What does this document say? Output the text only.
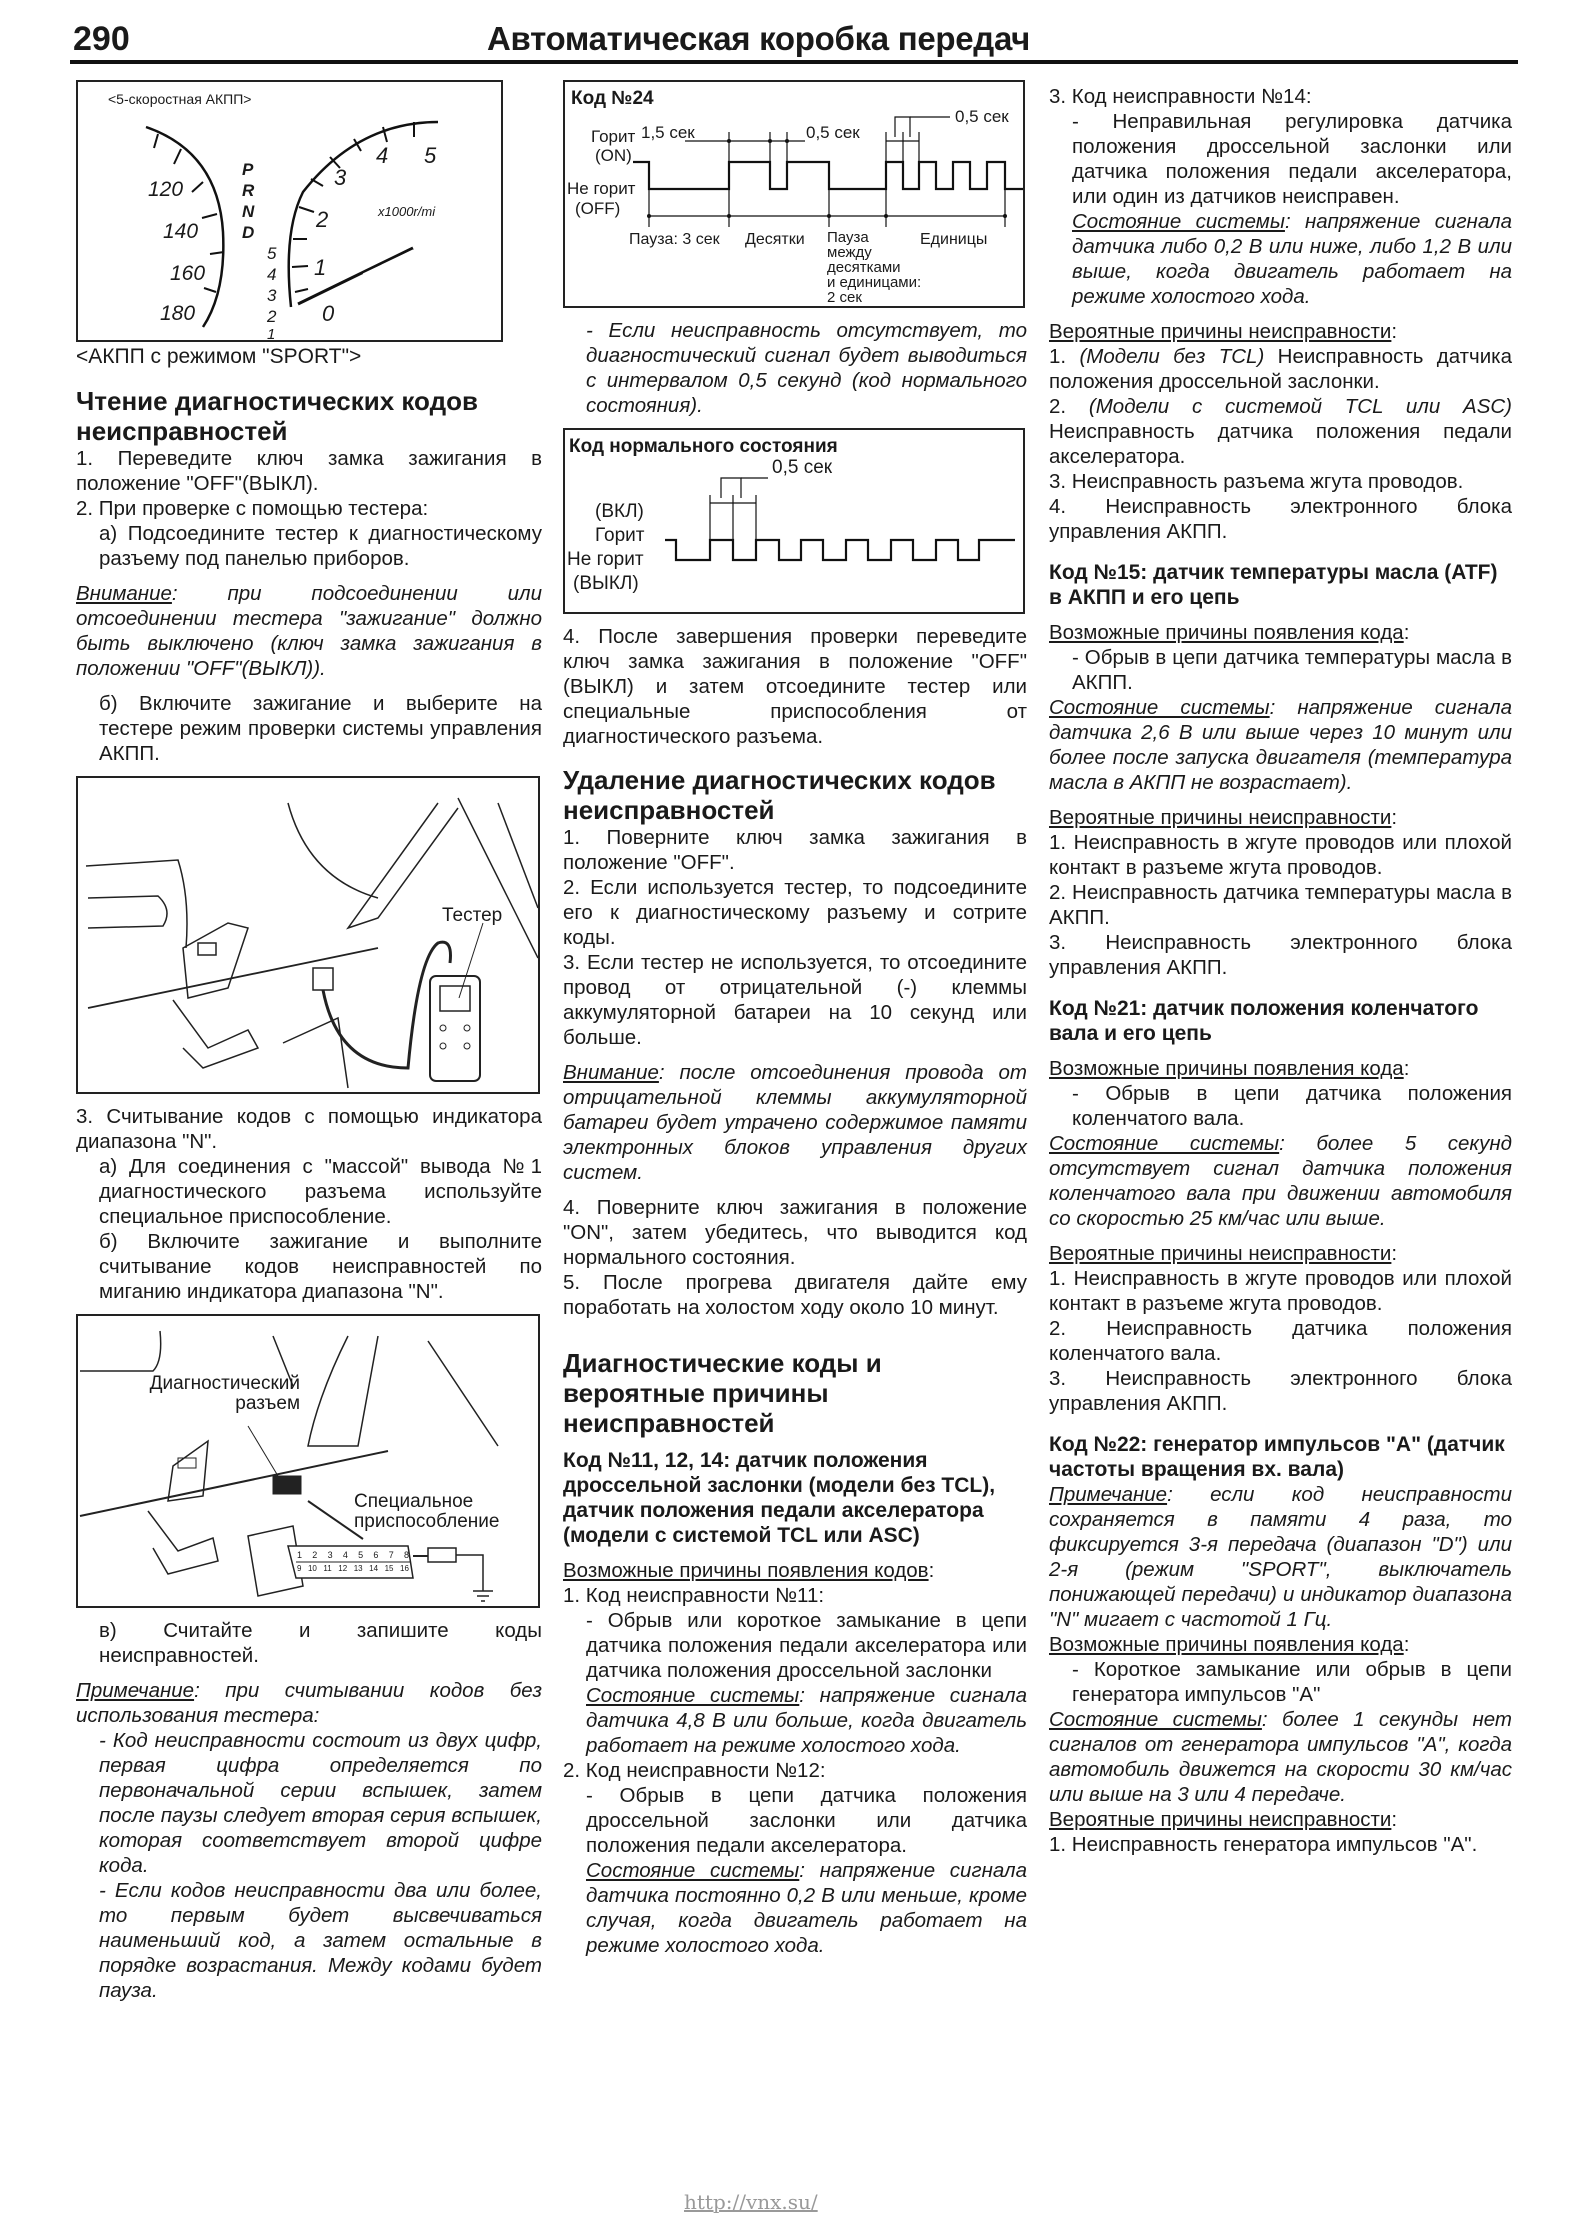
290	Автоматическая коробка передач
<5-скоростная АКПП>
120
140
160
180
P
R
N
D
5
4
3
2
1
0
1
2
3
4 5
x1000r/mi
<АКПП с режимом "SPORT">
Чтение диагностических кодов неисправностей

1. Переведите ключ замка зажигания в положение "OFF"(ВЫКЛ).

2. При проверке с помощью тестера:

а) Подсоедините тестер к диагностическому разъему под панелью приборов.

Внимание: при подсоединении или отсоединении тестера "зажигание" должно быть выключено (ключ замка зажигания в положении "OFF"(ВЫКЛ)).

б) Включите зажигание и выберите на тестере режим проверки системы управления АКПП.

Тестер

3. Считывание кодов с помощью индикатора диапазона "N".

а) Для соединения с "массой" вывода №1 диагностического разъема используйте специальное приспособление.

б) Включите зажигание и выполните считывание кодов неисправностей по миганию индикатора диапазона "N".

Диагностический разъем
Специальное приспособление
1 2 3 4 5 6 7 8
9 10 11 12 13 14 15 16

в) Считайте и запишите коды неисправностей.

Примечание: при считывании кодов без использования тестера:

- Код неисправности состоит из двух цифр, первая цифра определяется по первоначальной серии вспышек, затем после паузы следует вторая серия вспышек, которая соответствует второй цифре кода.

- Если кодов неисправности два или более, то первым будет высвечиваться наименьший код, а затем остальные в порядке возрастания. Между кодами будет пауза.

Код №24
1,5 сек	0,5 сек
0,5 сек
Горит
(ON)
Не горит
(OFF)
Пауза: 3 сек Десятки Пауза
между
десятками
и единицами:
2 сек
Единицы

- Если неисправность отсутствует, то диагностический сигнал будет выводиться с интервалом 0,5 секунд (код нормального состояния).

Код нормального состояния
0,5 сек
(ВКЛ)
Горит
Не горит
(ВЫКЛ)

4. После завершения проверки переведите ключ замка зажигания в положение "OFF" (ВЫКЛ) и затем отсоедините тестер или специальные приспособления от диагностического разъема.

Удаление диагностических кодов неисправностей

1. Поверните ключ замка зажигания в положение "OFF".

2. Если используется тестер, то подсоедините его к диагностическому разъему и сотрите коды.

3. Если тестер не используется, то отсоедините провод от отрицательной (-) клеммы аккумуляторной батареи на 10 секунд или больше.

Внимание: после отсоединения провода от отрицательной клеммы аккумуляторной батареи будет утрачено содержимое памяти электронных блоков управления других систем.

4. Поверните ключ зажигания в положение "ON", затем убедитесь, что выводится код нормального состояния.

5. После прогрева двигателя дайте ему поработать на холостом ходу около 10 минут.

Диагностические коды и вероятные причины неисправностей
Код №11, 12, 14: датчик положения дроссельной заслонки (модели без TCL), датчик положения педали акселератора (модели с системой TCL или ASC)

Возможные причины появления кодов:

1. Код неисправности №11:

- Обрыв или короткое замыкание в цепи датчика положения педали акселератора или датчика положения дроссельной заслонки

Состояние системы: напряжение сигнала датчика 4,8 В или больше, когда двигатель работает на режиме холостого хода.

2. Код неисправности №12:

- Обрыв в цепи датчика положения дроссельной заслонки или датчика положения педали акселератора.

Состояние системы: напряжение сигнала датчика постоянно 0,2 В или меньше, кроме случая, когда двигатель работает на режиме холостого хода.

3. Код неисправности №14:

- Неправильная регулировка датчика положения дроссельной заслонки или датчика положения педали акселератора, или один из датчиков неисправен.

Состояние системы: напряжение сигнала датчика либо 0,2 В или ниже, либо 1,2 В или выше, когда двигатель работает на режиме холостого хода.

Вероятные причины неисправности:

1. (Модели без TCL) Неисправность датчика положения дроссельной заслонки.

2. (Модели с системой TCL или ASC) Неисправность датчика положения педали акселератора.

3. Неисправность разъема жгута проводов.

4. Неисправность электронного блока управления АКПП.

Код №15: датчик температуры масла (ATF) в АКПП и его цепь

Возможные причины появления кода:

- Обрыв в цепи датчика температуры масла в АКПП.

Состояние системы: напряжение сигнала датчика 2,6 В или выше через 10 минут или более после запуска двигателя (температура масла в АКПП не возрастает).

Вероятные причины неисправности:

1. Неисправность в жгуте проводов или плохой контакт в разъеме жгута проводов.

2. Неисправность датчика температуры масла в АКПП.

3. Неисправность электронного блока управления АКПП.

Код №21: датчик положения коленчатого вала и его цепь

Возможные причины появления кода:

- Обрыв в цепи датчика положения коленчатого вала.

Состояние системы: более 5 секунд отсутствует сигнал датчика положения коленчатого вала при движении автомобиля со скоростью 25 км/час или выше.

Вероятные причины неисправности:

1. Неисправность в жгуте проводов или плохой контакт в разъеме жгута проводов.

2. Неисправность датчика положения коленчатого вала.

3. Неисправность электронного блока управления АКПП.

Код №22: генератор импульсов "А" (датчик частоты вращения вх. вала)

Примечание: если код неисправности сохраняется в памяти 4 раза, то фиксируется 3-я передача (диапазон "D") или 2-я (режим "SPORT", выключатель понижающей передачи) и индикатор диапазона "N" мигает с частотой 1 Гц.

Возможные причины появления кода:

- Короткое замыкание или обрыв в цепи генератора импульсов "А"

Состояние системы: более 1 секунды нет сигналов от генератора импульсов "А", когда автомобиль движется на скорости 30 км/час или выше на 3 или 4 передаче.

Вероятные причины неисправности:

1. Неисправность генератора импульсов "А".

http://vnx.su/
